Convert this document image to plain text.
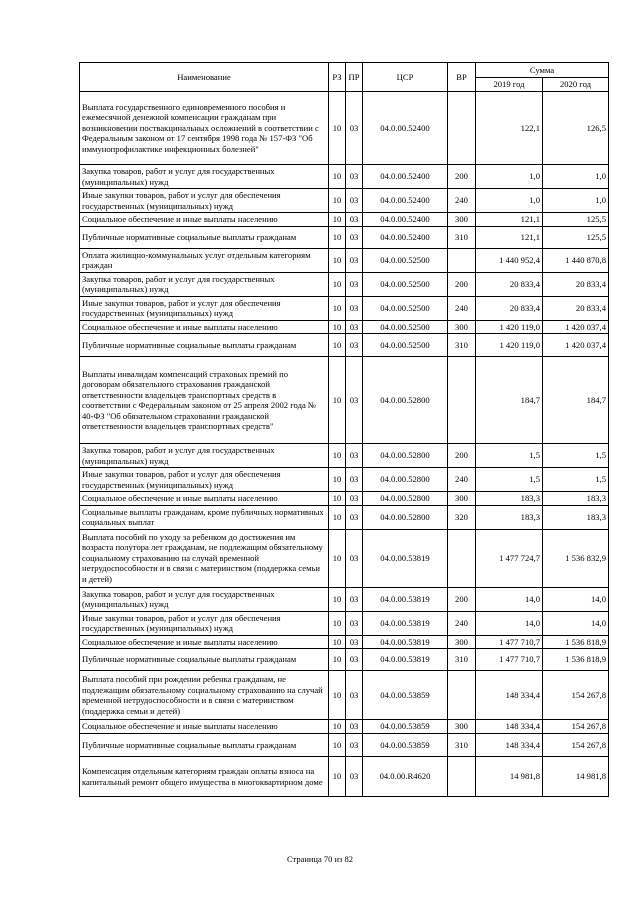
Наименование	РЗ	ПР	ЦСР	ВР	Сумма	
					2019 год	2020 год
Выплата государственного единовременного пособия и ежемесячной денежной компенсации гражданам при возникновении поствакцинальных осложнений в соответствии с Федеральным законом от 17 сентября 1998 года № 157-ФЗ "Об иммунопрофилактике инфекционных болезней"	10	03	04.0.00.52400		122,1	126,5
Закупка товаров, работ и услуг для государственных (муниципальных) нужд	10	03	04.0.00.52400	200	1,0	1,0
Иные закупки товаров, работ и услуг для обеспечения государственных (муниципальных) нужд	10	03	04.0.00.52400	240	1,0	1,0
Социальное обеспечение и иные выплаты населению	10	03	04.0.00.52400	300	121,1	125,5
Публичные нормативные социальные выплаты гражданам	10	03	04.0.00.52400	310	121,1	125,5
Оплата жилищно-коммунальных услуг отдельным категориям граждан	10	03	04.0.00.52500		1 440 952,4	1 440 870,8
Закупка товаров, работ и услуг для государственных (муниципальных) нужд	10	03	04.0.00.52500	200	20 833,4	20 833,4
Иные закупки товаров, работ и услуг для обеспечения государственных (муниципальных) нужд	10	03	04.0.00.52500	240	20 833,4	20 833,4
Социальное обеспечение и иные выплаты населению	10	03	04.0.00.52500	300	1 420 119,0	1 420 037,4
Публичные нормативные социальные выплаты гражданам	10	03	04.0.00.52500	310	1 420 119,0	1 420 037,4
Выплаты инвалидам компенсаций страховых премий по договорам обязательного страхования гражданской ответственности владельцев транспортных средств в соответствии с Федеральным законом от 25 апреля 2002 года № 40-ФЗ "Об обязательном страховании гражданской ответственности владельцев транспортных средств"	10	03	04.0.00.52800		184,7	184,7
Закупка товаров, работ и услуг для государственных (муниципальных) нужд	10	03	04.0.00.52800	200	1,5	1,5
Иные закупки товаров, работ и услуг для обеспечения государственных (муниципальных) нужд	10	03	04.0.00.52800	240	1,5	1,5
Социальное обеспечение и иные выплаты населению	10	03	04.0.00.52800	300	183,3	183,3
Социальные выплаты гражданам, кроме публичных нормативных социальных выплат	10	03	04.0.00.52800	320	183,3	183,3
Выплата пособий по уходу за ребенком до достижения им возраста полутора лет гражданам, не подлежащим обязательному социальному страхованию на случай временной нетрудоспособности и в связи с материнством (поддержка семьи и детей)	10	03	04.0.00.53819		1 477 724,7	1 536 832,9
Закупка товаров, работ и услуг для государственных (муниципальных) нужд	10	03	04.0.00.53819	200	14,0	14,0
Иные закупки товаров, работ и услуг для обеспечения государственных (муниципальных) нужд	10	03	04.0.00.53819	240	14,0	14,0
Социальное обеспечение и иные выплаты населению	10	03	04.0.00.53819	300	1 477 710,7	1 536 818,9
Публичные нормативные социальные выплаты гражданам	10	03	04.0.00.53819	310	1 477 710,7	1 536 818,9
Выплата пособий при рождении ребенка гражданам, не подлежащим обязательному социальному страхованию на случай временной нетрудоспособности и в связи с материнством (поддержка семьи и детей)	10	03	04.0.00.53859		148 334,4	154 267,8
Социальное обеспечение и иные выплаты населению	10	03	04.0.00.53859	300	148 334,4	154 267,8
Публичные нормативные социальные выплаты гражданам	10	03	04.0.00.53859	310	148 334,4	154 267,8
Компенсация отдельным категориям граждан оплаты взноса на капитальный ремонт общего имущества в многоквартирном доме	10	03	04.0.00.R4620		14 981,8	14 981,8
Страница 70 из 82
